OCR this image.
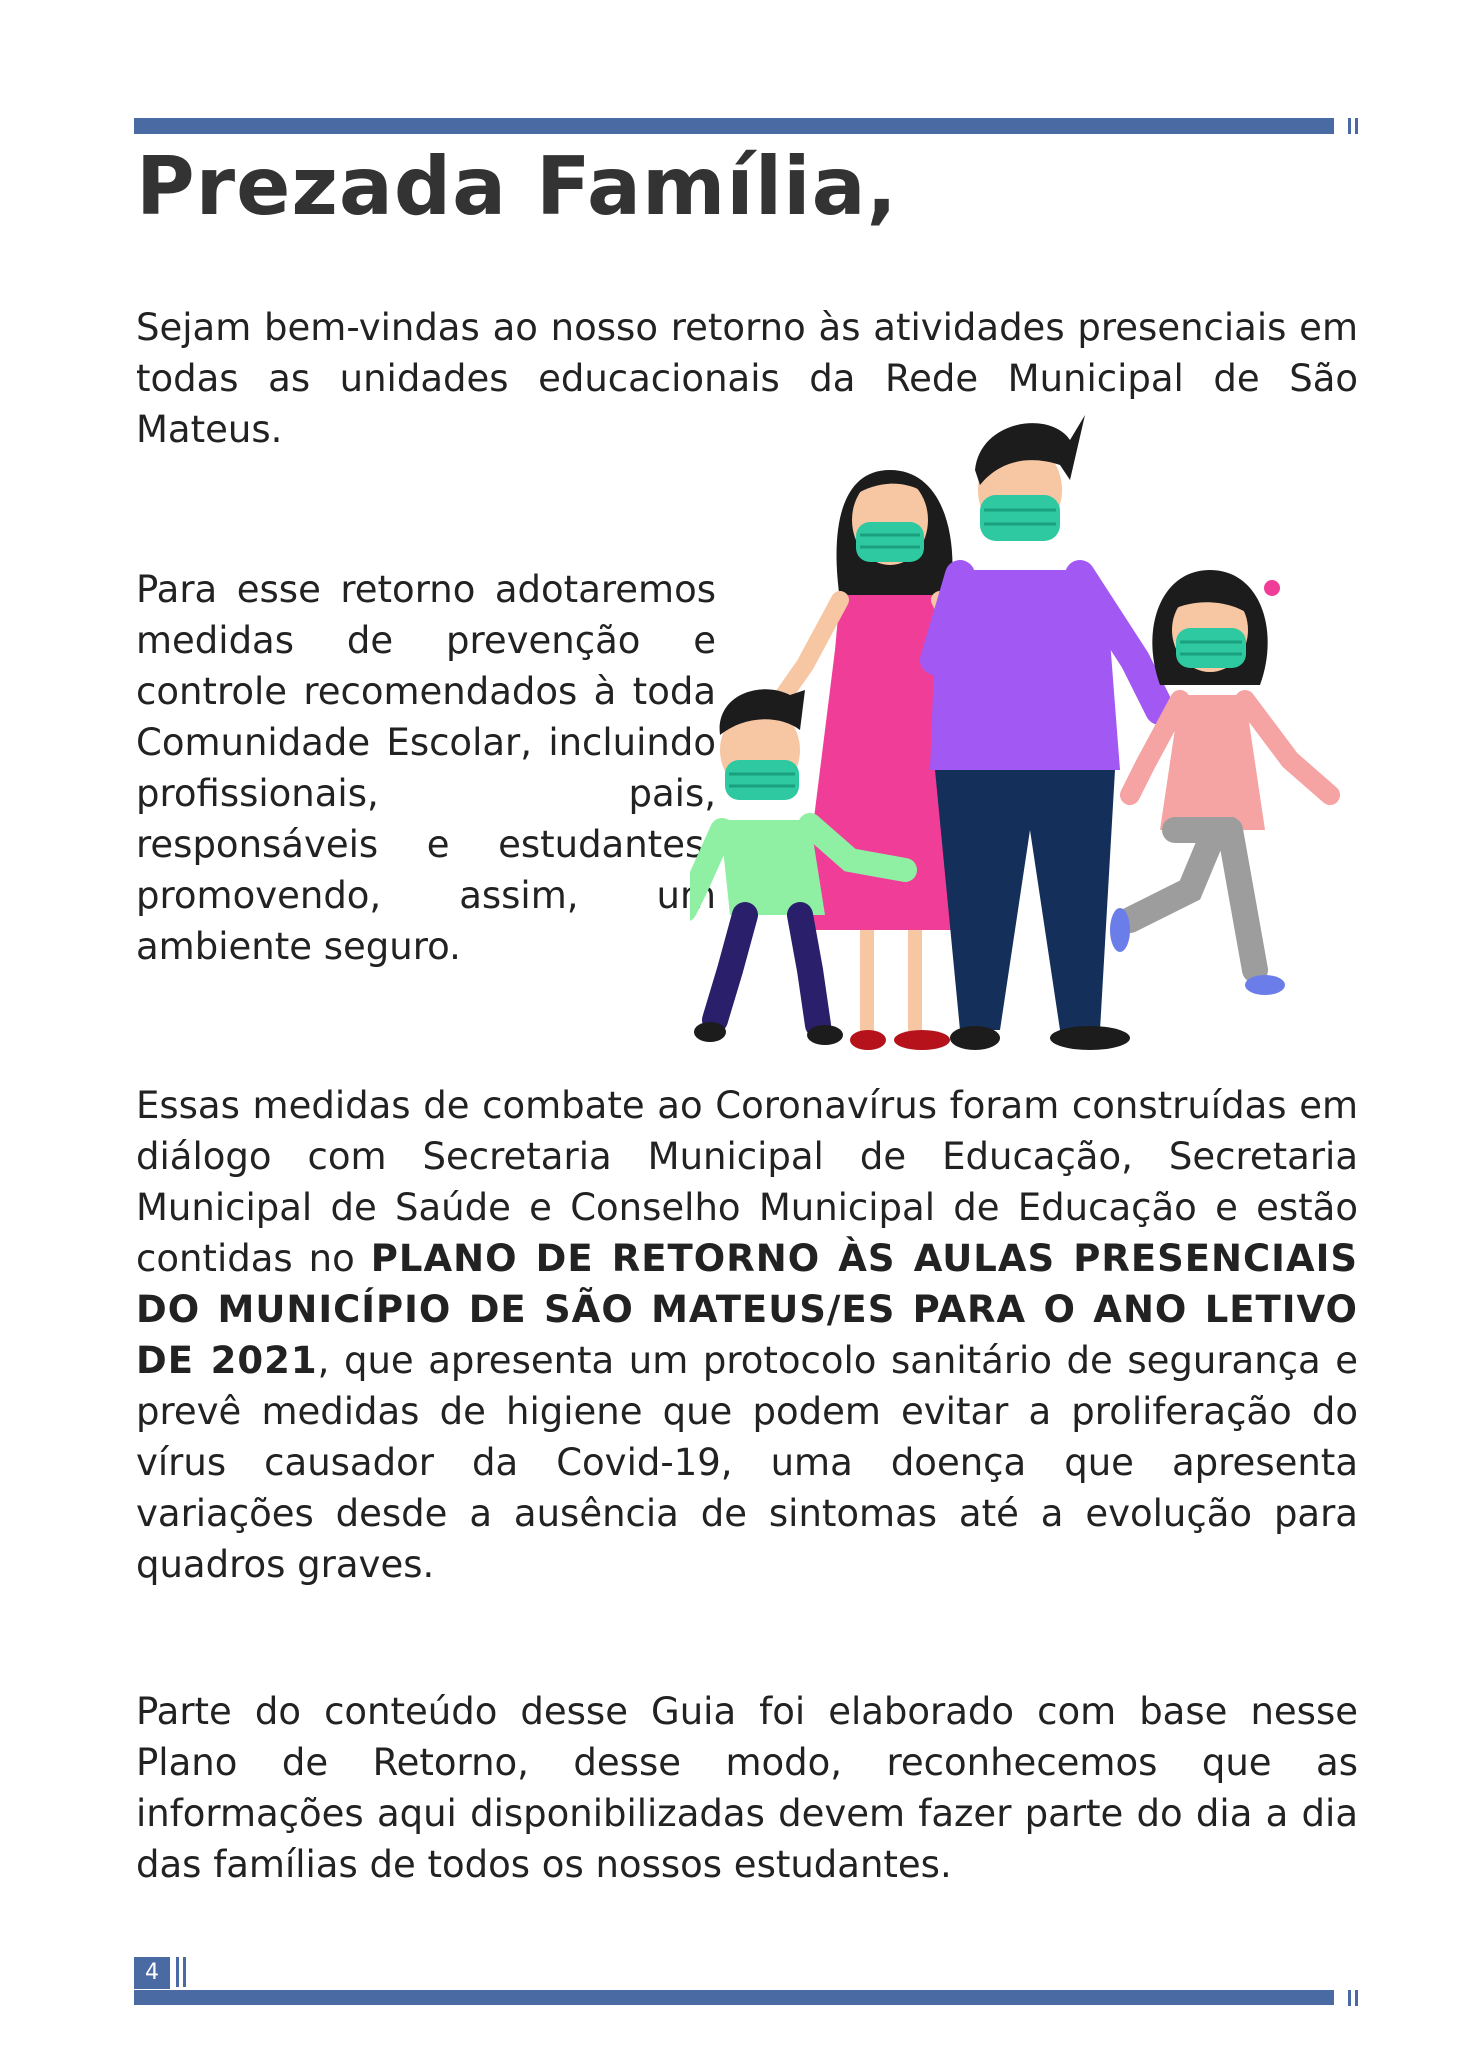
Prezada Família,

Sejam bem-vindas ao nosso retorno às atividades presenciais em todas as unidades educacionais da Rede Municipal de São Mateus.

Para esse retorno adotaremos medidas de prevenção e controle recomendados à toda Comunidade Escolar, incluindo profissionais, pais, responsáveis e estudantes, promovendo, assim, um ambiente seguro.

Essas medidas de combate ao Coronavírus foram construídas em diálogo com Secretaria Municipal de Educação, Secretaria Municipal de Saúde e Conselho Municipal de Educação e estão contidas no PLANO DE RETORNO ÀS AULAS PRESENCIAIS DO MUNICÍPIO DE SÃO MATEUS/ES PARA O ANO LETIVO DE 2021, que apresenta um protocolo sanitário de segurança e prevê medidas de higiene que podem evitar a proliferação do vírus causador da Covid-19, uma doença que apresenta variações desde a ausência de sintomas até a evolução para quadros graves.

Parte do conteúdo desse Guia foi elaborado com base nesse Plano de Retorno, desse modo, reconhecemos que as informações aqui disponibilizadas devem fazer parte do dia a dia das famílias de todos os nossos estudantes.

4
